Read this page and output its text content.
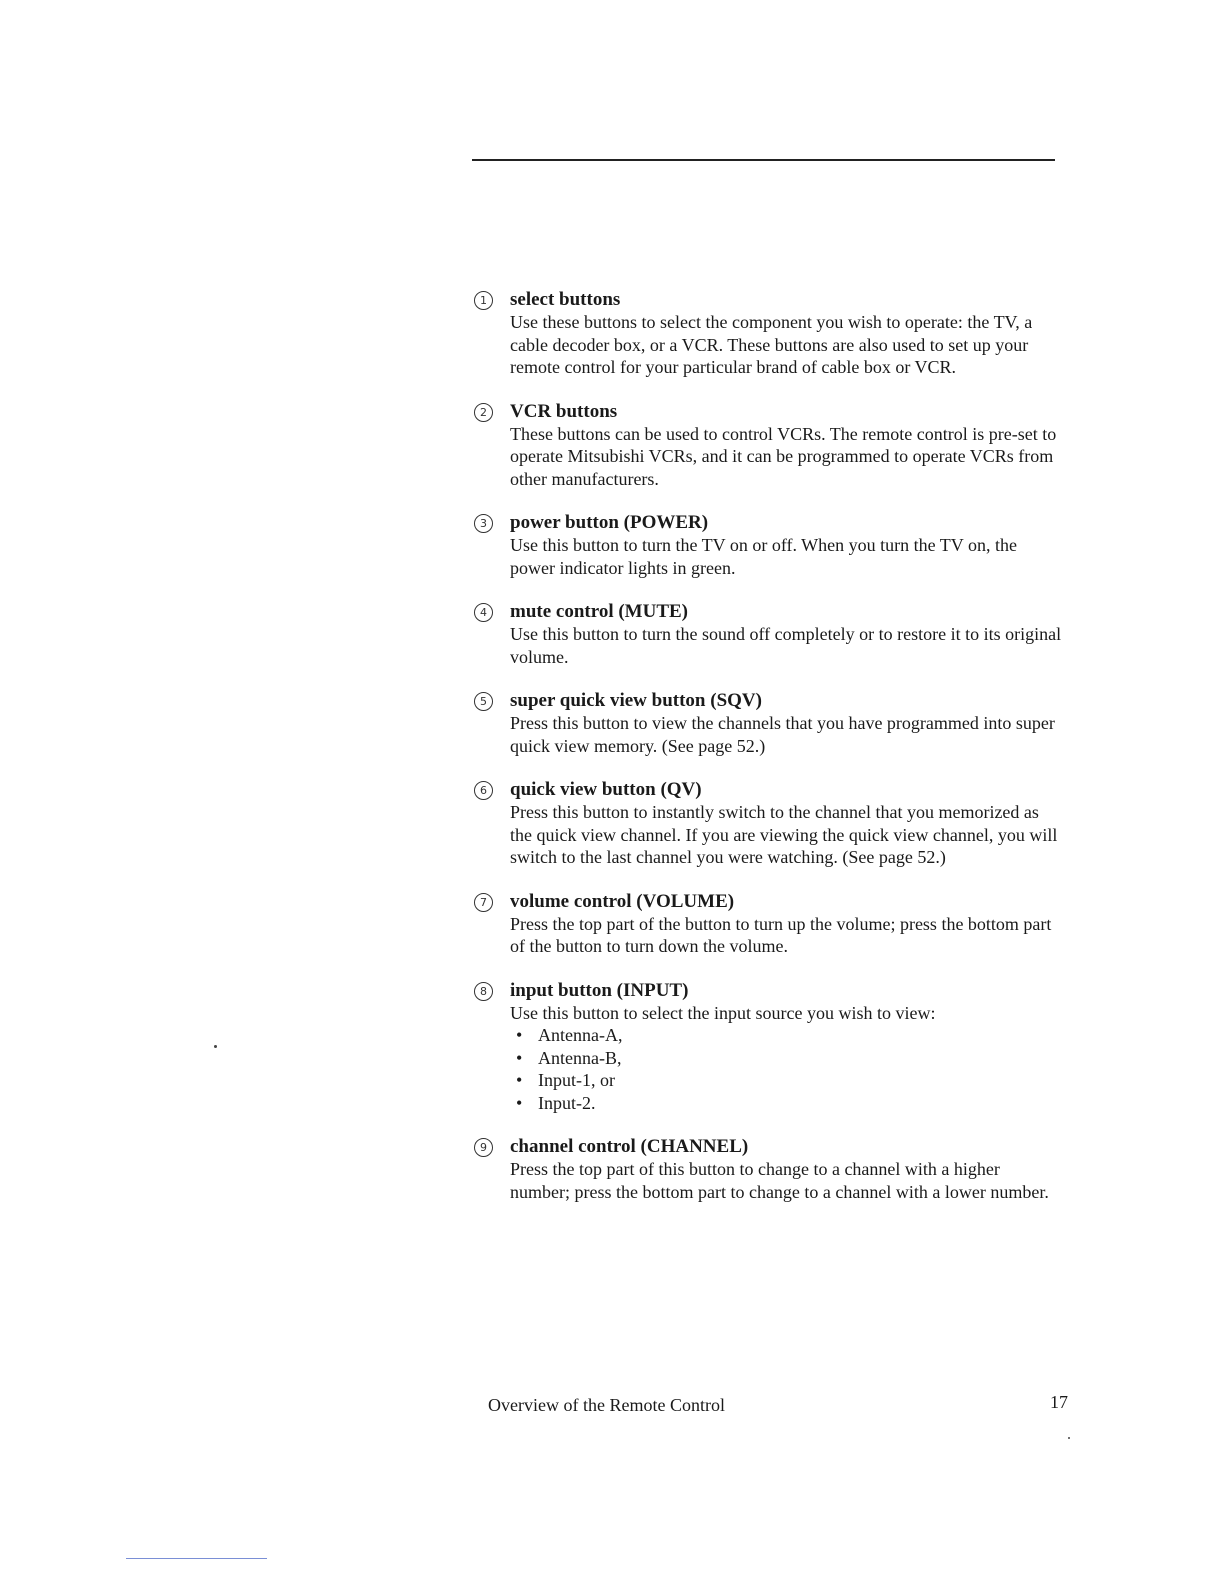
1	select buttons

Use these buttons to select the component you wish to operate: the TV, a cable decoder box, or a VCR. These buttons are also used to set up your remote control for your particular brand of cable box or VCR.

2	VCR buttons

These buttons can be used to control VCRs. The remote control is pre-set to operate Mitsubishi VCRs, and it can be programmed to operate VCRs from other manufacturers.

3	power button (POWER)

Use this button to turn the TV on or off. When you turn the TV on, the power indicator lights in green.

4	mute control (MUTE)

Use this button to turn the sound off completely or to restore it to its original volume.

5	super quick view button (SQV)

Press this button to view the channels that you have programmed into super quick view memory. (See page 52.)

6	quick view button (QV)

Press this button to instantly switch to the channel that you memorized as the quick view channel. If you are viewing the quick view channel, you will switch to the last channel you were watching. (See page 52.)

7	volume control (VOLUME)

Press the top part of the button to turn up the volume; press the bottom part of the button to turn down the volume.

8	input button (INPUT)

Use this button to select the input source you wish to view:

• Antenna-A,
• Antenna-B,
• Input-1, or
• Input-2.
9	channel control (CHANNEL)

Press the top part of this button to change to a channel with a higher number; press the bottom part to change to a channel with a lower number.

Overview of the Remote Control	17
